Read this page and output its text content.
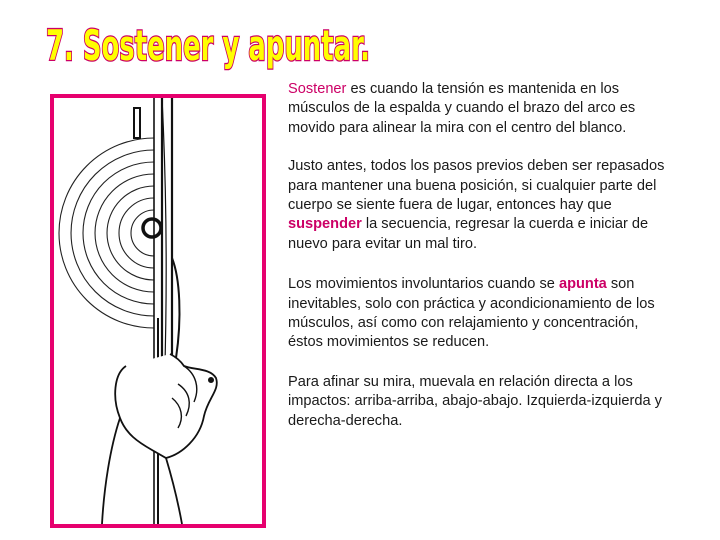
7. Sostener y apuntar.

Sostener es cuando la tensión es mantenida en los músculos de la espalda y cuando el brazo del arco es movido para alinear la mira con el centro del blanco.

Justo antes, todos los pasos previos deben ser repasados para mantener una buena posición, si cualquier parte del cuerpo se siente fuera de lugar, entonces hay que suspender la secuencia, regresar la cuerda e iniciar de nuevo para evitar un mal tiro.

Los movimientos involuntarios cuando se apunta son inevitables, solo con práctica y acondicionamiento de los músculos, así como con relajamiento y concentración, éstos movimientos se reducen.

Para afinar su mira, muevala en relación directa a los impactos: arriba-arriba, abajo-abajo. Izquierda-izquierda y derecha-derecha.
